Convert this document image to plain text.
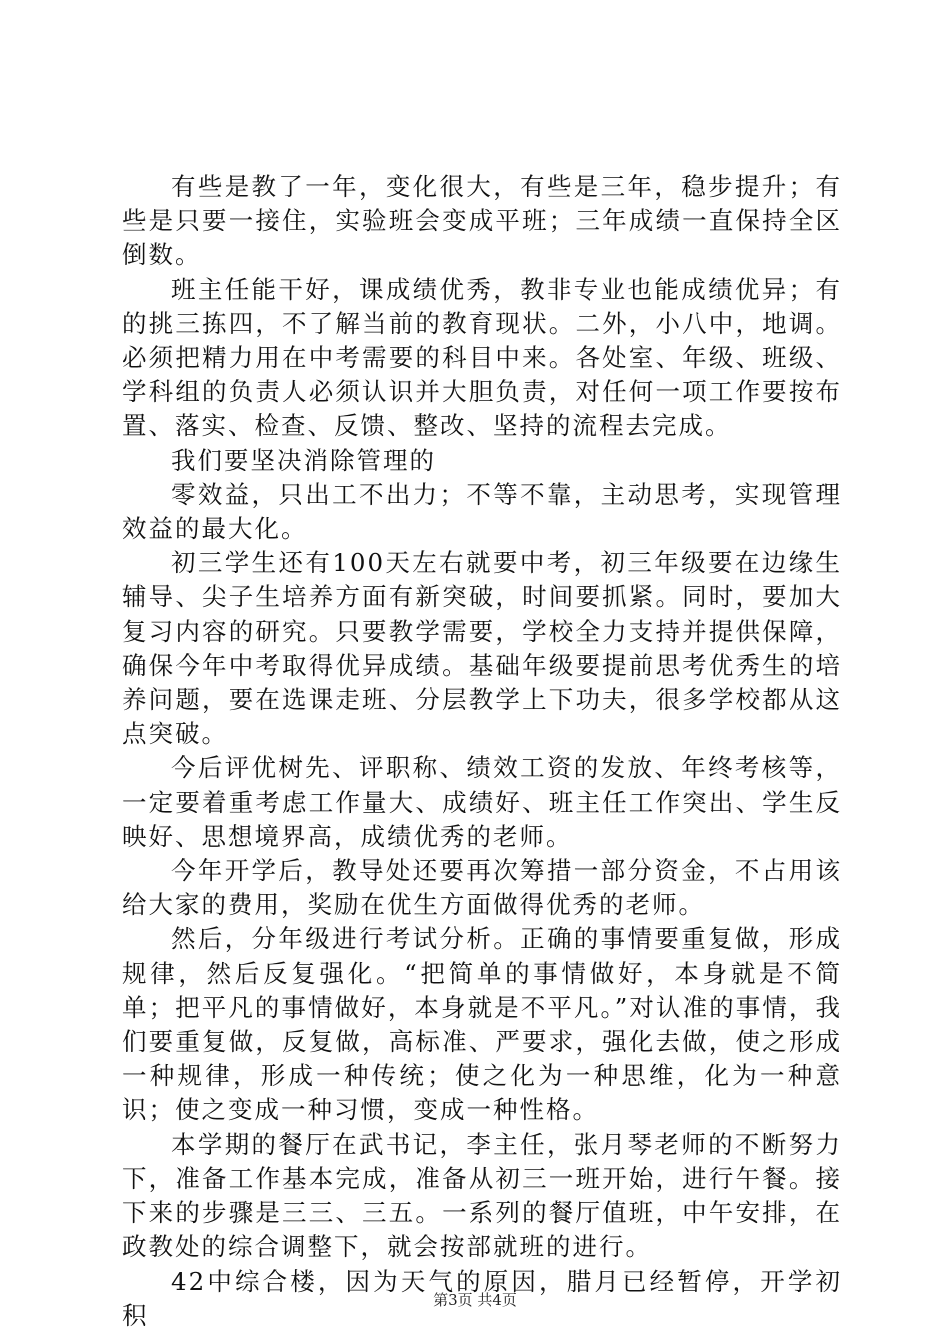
有些是教了一年，变化很大，有些是三年，稳步提升；有些是只要一接住，实验班会变成平班；三年成绩一直保持全区倒数。

班主任能干好，课成绩优秀，教非专业也能成绩优异；有的挑三拣四，不了解当前的教育现状。二外，小八中，地调。必须把精力用在中考需要的科目中来。各处室、年级、班级、学科组的负责人必须认识并大胆负责，对任何一项工作要按布置、落实、检查、反馈、整改、坚持的流程去完成。

我们要坚决消除管理的

零效益，只出工不出力；不等不靠，主动思考，实现管理效益的最大化。

初三学生还有100天左右就要中考，初三年级要在边缘生辅导、尖子生培养方面有新突破，时间要抓紧。同时，要加大复习内容的研究。只要教学需要，学校全力支持并提供保障，确保今年中考取得优异成绩。基础年级要提前思考优秀生的培养问题，要在选课走班、分层教学上下功夫，很多学校都从这点突破。

今后评优树先、评职称、绩效工资的发放、年终考核等，一定要着重考虑工作量大、成绩好、班主任工作突出、学生反映好、思想境界高，成绩优秀的老师。

今年开学后，教导处还要再次筹措一部分资金，不占用该给大家的费用，奖励在优生方面做得优秀的老师。

然后，分年级进行考试分析。正确的事情要重复做，形成规律，然后反复强化。“把简单的事情做好，本身就是不简单；把平凡的事情做好，本身就是不平凡。”对认准的事情，我们要重复做，反复做，高标准、严要求，强化去做，使之形成一种规律，形成一种传统；使之化为一种思维，化为一种意识；使之变成一种习惯，变成一种性格。

本学期的餐厅在武书记，李主任，张月琴老师的不断努力下，准备工作基本完成，准备从初三一班开始，进行午餐。接下来的步骤是三三、三五。一系列的餐厅值班，中午安排，在政教处的综合调整下，就会按部就班的进行。

42中综合楼，因为天气的原因，腊月已经暂停，开学初积

第3页 共4页
